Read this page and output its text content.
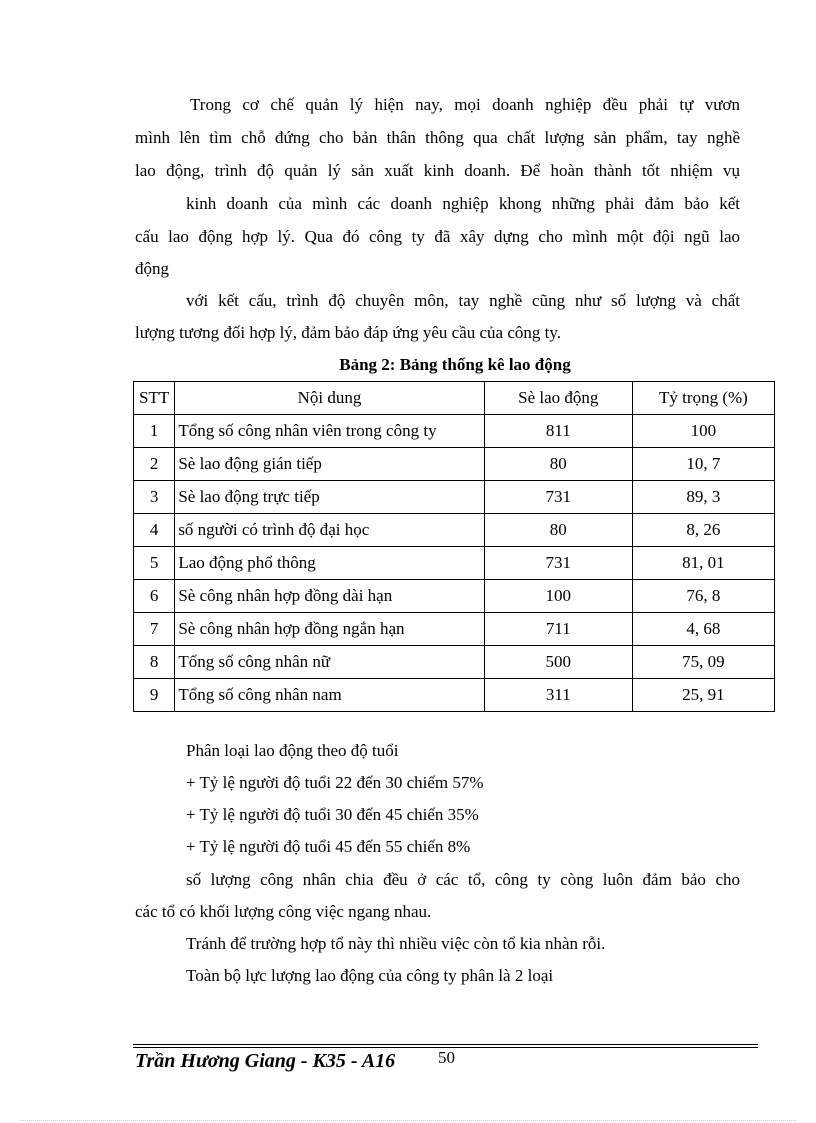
Trong cơ chế quản lý hiện nay, mọi doanh nghiệp đều phải tự vươn
mình lên tìm chỗ đứng cho bản thân thông qua chất lượng sản phẩm, tay nghề
lao động, trình độ quản lý sản xuất kinh doanh. Để hoàn thành tốt nhiệm vụ
kinh doanh của mình các doanh nghiệp khong những phải đảm bảo kết
cấu lao động hợp lý. Qua đó công ty đã xây dựng cho mình một đội ngũ lao
động
với kết cấu, trình độ chuyên môn, tay nghề cũng như số lượng và chất
lượng tương đối hợp lý, đảm bảo đáp ứng yêu cầu của công ty.
Bảng 2: Bảng thống kê lao động
STT	Nội dung	Sè lao động	Tỷ trọng (%)
1	Tổng số công nhân viên trong công ty	811	100
2	Sè lao động gián tiếp	80	10, 7
3	Sè lao động trực tiếp	731	89, 3
4	số người có trình độ đại học	80	8, 26
5	Lao động phổ thông	731	81, 01
6	Sè công nhân hợp đồng dài hạn	100	76, 8
7	Sè công nhân hợp đồng ngắn hạn	711	4, 68
8	Tổng số công nhân nữ	500	75, 09
9	Tổng số công nhân nam	311	25, 91
Phân loại lao động theo độ tuổi
+ Tỷ lệ người độ tuổi 22 đến 30 chiếm 57%
+ Tỷ lệ người độ tuổi 30 đến 45 chiến 35%
+ Tỷ lệ người độ tuổi 45 đến 55 chiến 8%
số lượng công nhân chia đều ở các tổ, công ty còng luôn đảm bảo cho
các tổ có khối lượng công việc ngang nhau.
Tránh để trường hợp tổ này thì nhiều việc còn tổ kia nhàn rỗi.
Toàn bộ lực lượng lao động của công ty phân là 2 loại
Trần Hương Giang - K35 - A16	50
